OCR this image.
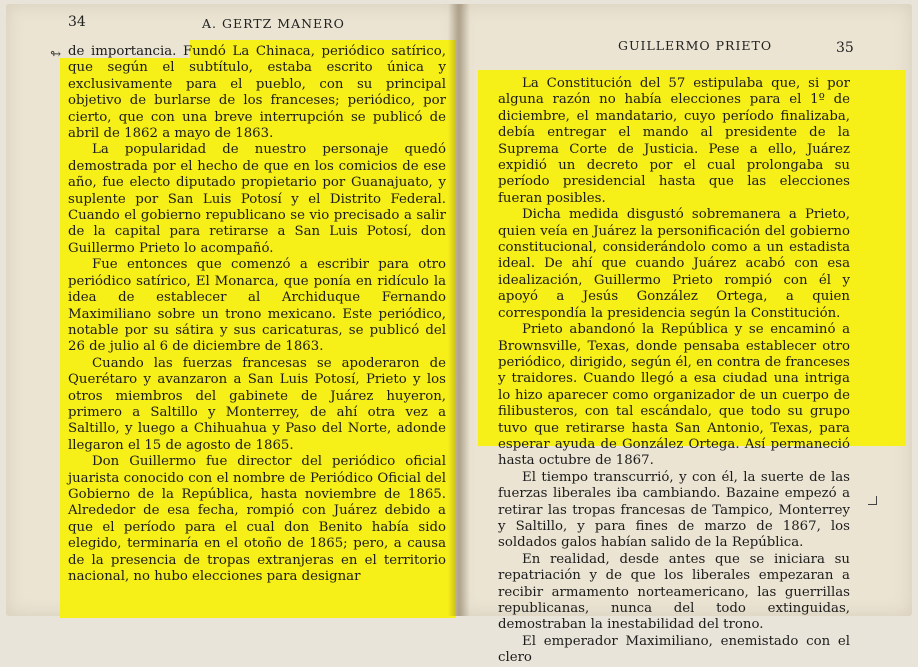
34	A. GERTZ MANERO
↬ de importancia. Fundó La Chinaca, periódico satírico, que según el subtítulo, estaba escrito única y exclusivamente para el pueblo, con su principal objetivo de burlarse de los franceses; periódico, por cierto, que con una breve interrupción se publicó de abril de 1862 a mayo de 1863.

La popularidad de nuestro personaje quedó demostrada por el hecho de que en los comicios de ese año, fue electo diputado propietario por Guanajuato, y suplente por San Luis Potosí y el Distrito Federal. Cuando el gobierno republicano se vio precisado a salir de la capital para retirarse a San Luis Potosí, don Guillermo Prieto lo acompañó.

Fue entonces que comenzó a escribir para otro periódico satírico, El Monarca, que ponía en ridículo la idea de establecer al Archiduque Fernando Maximiliano sobre un trono mexicano. Este periódico, notable por su sátira y sus caricaturas, se publicó del 26 de julio al 6 de diciembre de 1863.

Cuando las fuerzas francesas se apoderaron de Querétaro y avanzaron a San Luis Potosí, Prieto y los otros miembros del gabinete de Juárez huyeron, primero a Saltillo y Monterrey, de ahí otra vez a Saltillo, y luego a Chihuahua y Paso del Norte, adonde llegaron el 15 de agosto de 1865.

Don Guillermo fue director del periódico oficial juarista conocido con el nombre de Periódico Oficial del Gobierno de la República, hasta noviembre de 1865. Alrededor de esa fecha, rompió con Juárez debido a que el período para el cual don Benito había sido elegido, terminaría en el otoño de 1865; pero, a causa de la presencia de tropas extranjeras en el territorio nacional, no hubo elecciones para designar

GUILLERMO PRIETO	35

La Constitución del 57 estipulaba que, si por alguna razón no había elecciones para el 1º de diciembre, el mandatario, cuyo período finalizaba, debía entregar el mando al presidente de la Suprema Corte de Justicia. Pese a ello, Juárez expidió un decreto por el cual prolongaba su período presidencial hasta que las elecciones fueran posibles.

Dicha medida disgustó sobremanera a Prieto, quien veía en Juárez la personificación del gobierno constitucional, considerándolo como a un estadista ideal. De ahí que cuando Juárez acabó con esa idealización, Guillermo Prieto rompió con él y apoyó a Jesús González Ortega, a quien correspondía la presidencia según la Constitución.

Prieto abandonó la República y se encaminó a Brownsville, Texas, donde pensaba establecer otro periódico, dirigido, según él, en contra de franceses y traidores. Cuando llegó a esa ciudad una intriga lo hizo aparecer como organizador de un cuerpo de filibusteros, con tal escándalo, que todo su grupo tuvo que retirarse hasta San Antonio, Texas, para esperar ayuda de González Ortega. Así permaneció hasta octubre de 1867.

El tiempo transcurrió, y con él, la suerte de las fuerzas liberales iba cambiando. Bazaine empezó a retirar las tropas francesas de Tampico, Monterrey y Saltillo, y para fines de marzo de 1867, los soldados galos habían salido de la República.

En realidad, desde antes que se iniciara su repatriación y de que los liberales empezaran a recibir armamento norteamericano, las guerrillas republicanas, nunca del todo extinguidas, demostraban la inestabilidad del trono.

El emperador Maximiliano, enemistado con el clero
